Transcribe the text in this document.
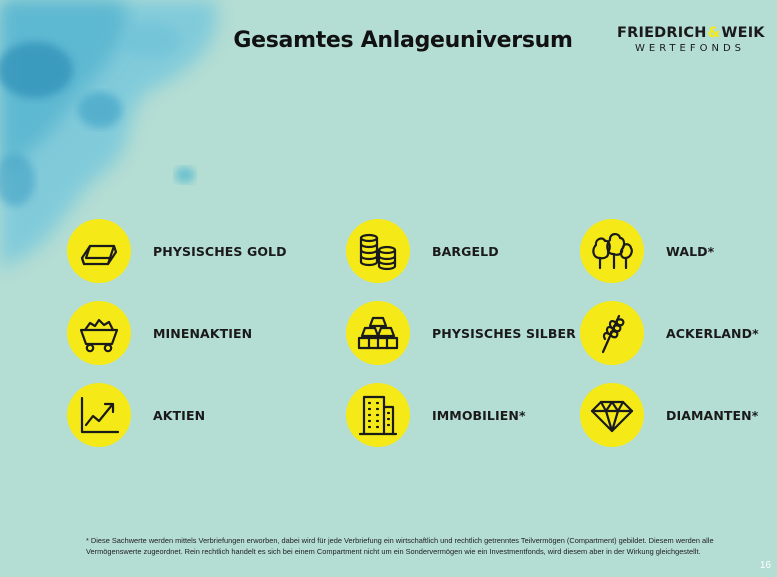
Gesamtes Anlageuniversum	FRIEDRICH&WEIK
WERTEFONDS
PHYSISCHES GOLD	BARGELD	WALD*
MINENAKTIEN	PHYSISCHES SILBER	ACKERLAND*
AKTIEN	IMMOBILIEN*	DIAMANTEN*
* Diese Sachwerte werden mittels Verbriefungen erworben, dabei wird für jede Verbriefung ein wirtschaftlich und rechtlich getrenntes Teilvermögen (Compartment) gebildet. Diesem werden alle Vermögenswerte zugeordnet. Rein rechtlich handelt es sich bei einem Compartment nicht um ein Sondervermögen wie ein Investmentfonds, wird diesem aber in der Wirkung gleichgestellt.
16
